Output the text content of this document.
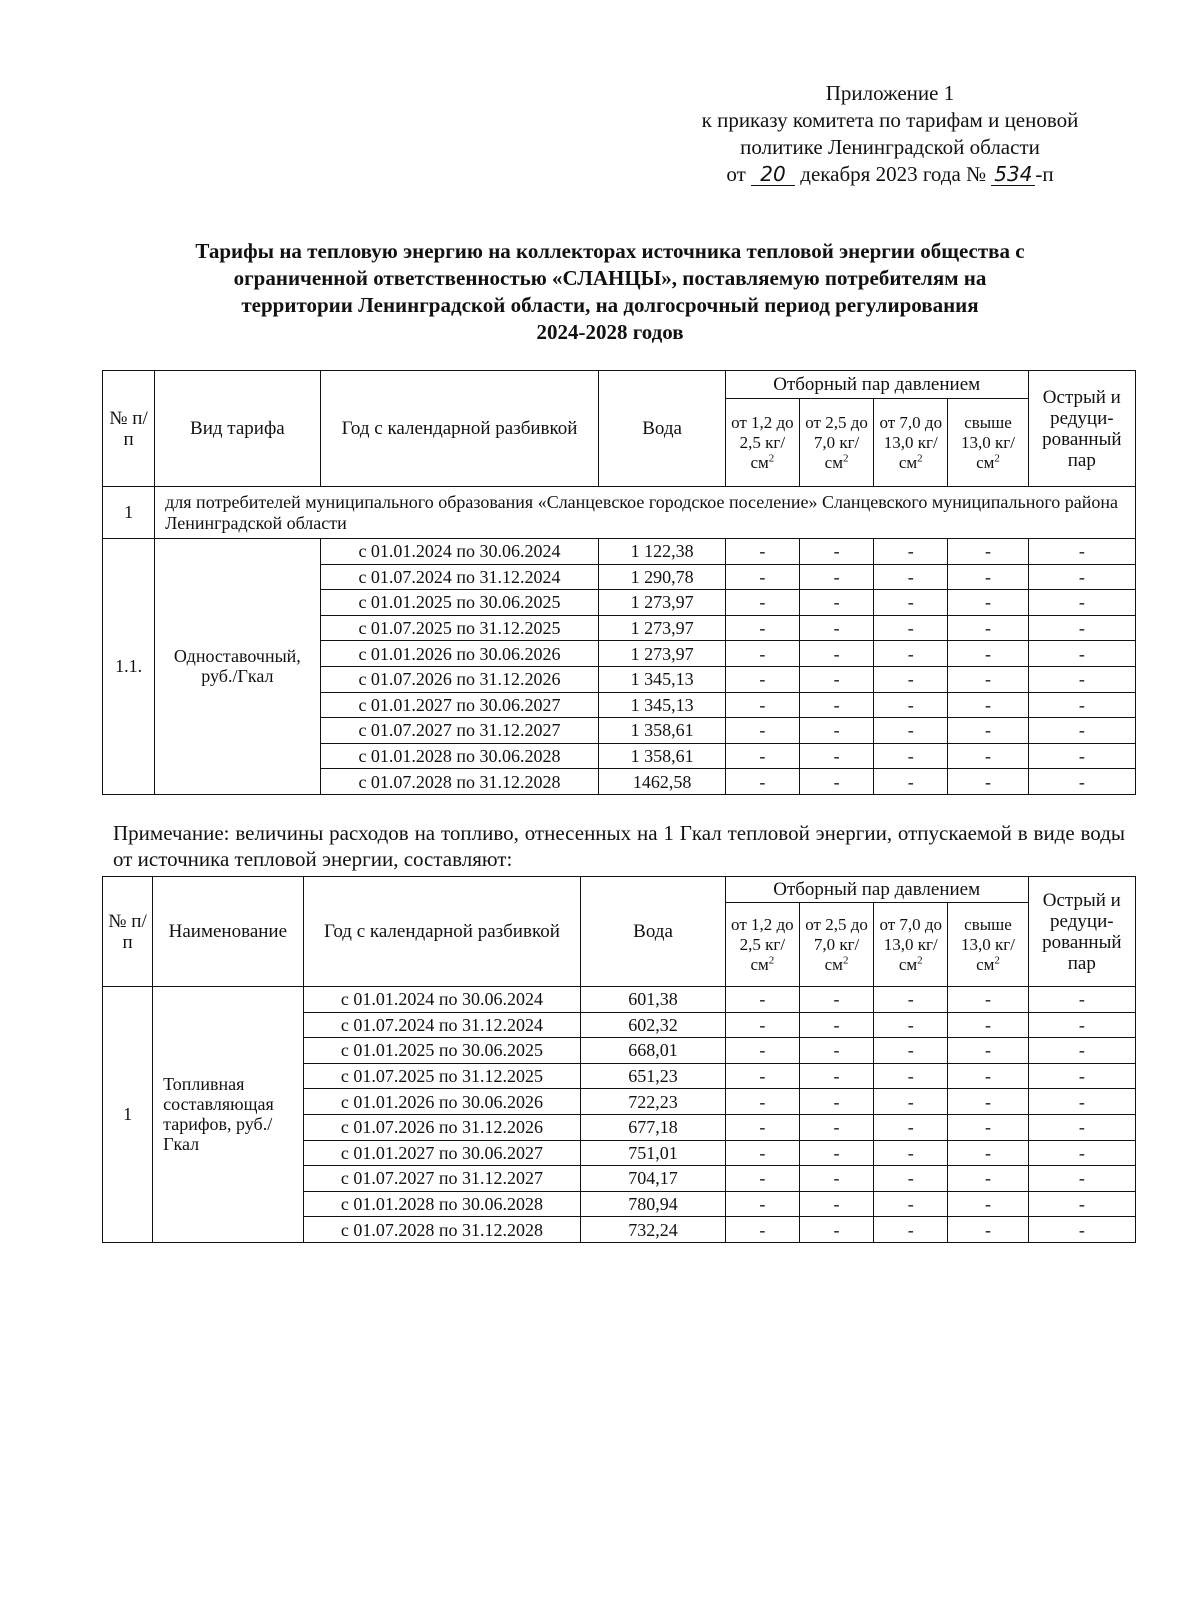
Приложение 1
к приказу комитета по тарифам и ценовой
политике Ленинградской области
от 20 декабря 2023 года № 534 -п
Тарифы на тепловую энергию на коллекторах источника тепловой энергии общества с
ограниченной ответственностью «СЛАНЦЫ», поставляемую потребителям на
территории Ленинградской области, на долгосрочный период регулирования
2024-2028 годов
№ п/п	Вид тарифа	Год с календарной разбивкой	Вода	Отборный пар давлением				Острый и редуци-рованный пар
				от 1,2 до 2,5 $кг/см^2$	от 2,5 до 7,0 $кг/см^2$	от 7,0 до 13,0 $кг/см^2$	свыше 13,0 $кг/см^2$
1	для потребителей муниципального образования «Сланцевское городское поселение» Сланцевского муниципального района Ленинградской области							
1.1.	Одноставочный, руб./Гкал	с 01.01.2024 по 30.06.2024	1 122,38	-	-	-	-	-
		с 01.07.2024 по 31.12.2024	1 290,78	-	-	-	-	-
		с 01.01.2025 по 30.06.2025	1 273,97	-	-	-	-	-
		с 01.07.2025 по 31.12.2025	1 273,97	-	-	-	-	-
		с 01.01.2026 по 30.06.2026	1 273,97	-	-	-	-	-
		с 01.07.2026 по 31.12.2026	1 345,13	-	-	-	-	-
		с 01.01.2027 по 30.06.2027	1 345,13	-	-	-	-	-
		с 01.07.2027 по 31.12.2027	1 358,61	-	-	-	-	-
		с 01.01.2028 по 30.06.2028	1 358,61	-	-	-	-	-
		с 01.07.2028 по 31.12.2028	1462,58	-	-	-	-	-
Примечание: величины расходов на топливо, отнесенных на 1 Гкал тепловой энергии, отпускаемой в виде воды от источника тепловой энергии, составляют:
№ п/п	Наименование	Год с календарной разбивкой	Вода	Отборный пар давлением				Острый и редуци-рованный пар
				от 1,2 до 2,5 $кг/см^2$	от 2,5 до 7,0 $кг/см^2$	от 7,0 до 13,0 $кг/см^2$	свыше 13,0 $кг/см^2$
1	Топливная составляющая тарифов, руб./Гкал	с 01.01.2024 по 30.06.2024	601,38	-	-	-	-	-
		с 01.07.2024 по 31.12.2024	602,32	-	-	-	-	-
		с 01.01.2025 по 30.06.2025	668,01	-	-	-	-	-
		с 01.07.2025 по 31.12.2025	651,23	-	-	-	-	-
		с 01.01.2026 по 30.06.2026	722,23	-	-	-	-	-
		с 01.07.2026 по 31.12.2026	677,18	-	-	-	-	-
		с 01.01.2027 по 30.06.2027	751,01	-	-	-	-	-
		с 01.07.2027 по 31.12.2027	704,17	-	-	-	-	-
		с 01.01.2028 по 30.06.2028	780,94	-	-	-	-	-
		с 01.07.2028 по 31.12.2028	732,24	-	-	-	-	-
